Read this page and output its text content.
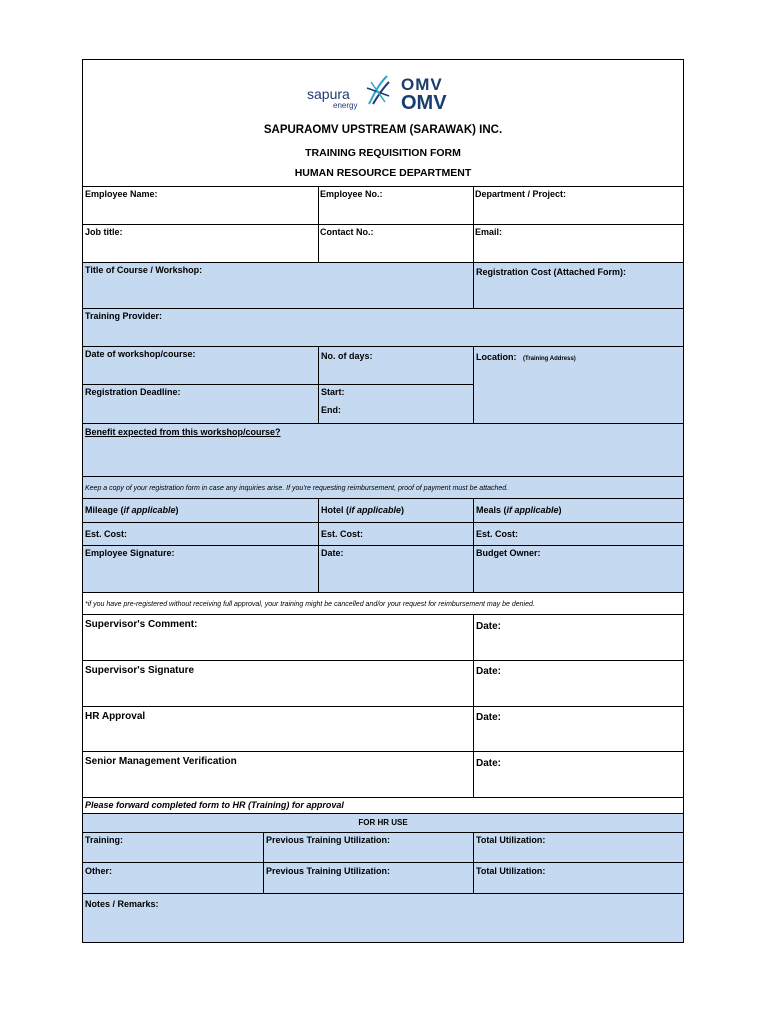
sapura
energy
OMV
OMV
SAPURAOMV UPSTREAM (SARAWAK) INC.
TRAINING REQUISITION FORM
HUMAN RESOURCE DEPARTMENT
Employee Name:	Employee No.:	Department / Project:
Job title:	Contact No.:	Email:
Title of Course / Workshop:	Registration Cost (Attached Form):
Training Provider:
Date of workshop/course:	No. of days:	Location: (Training Address)
Registration Deadline:	Start:
End:
Benefit expected from this workshop/course?
Keep a copy of your registration form in case any inquiries arise. If you're requesting reimbursement, proof of payment must be attached.
Mileage (if applicable)	Hotel (if applicable)	Meals (if applicable)
Est. Cost:	Est. Cost:	Est. Cost:
Employee Signature:	Date:	Budget Owner:
*if you have pre-registered without receiving full approval, your training might be cancelled and/or your request for reimbursement may be denied.
Supervisor's Comment:	Date:
Supervisor's Signature	Date:
HR Approval	Date:
Senior Management Verification	Date:
Please forward completed form to HR (Training) for approval
FOR HR USE
Training:	Previous Training Utilization:	Total Utilization:
Other:	Previous Training Utilization:	Total Utilization:
Notes / Remarks:
